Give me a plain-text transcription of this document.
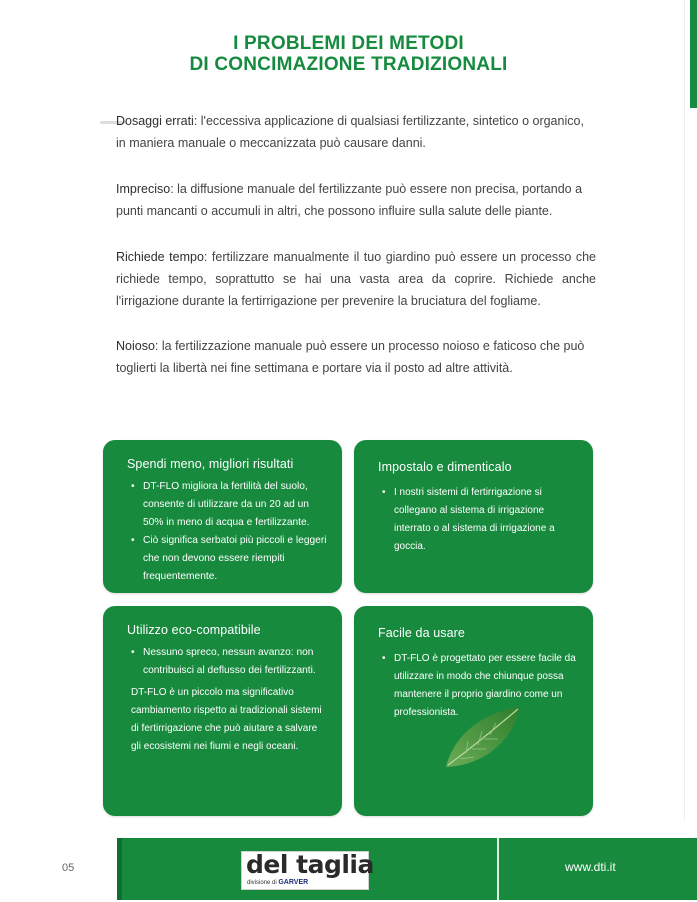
I PROBLEMI DEI METODI
DI CONCIMAZIONE TRADIZIONALI
Dosaggi errati: l'eccessiva applicazione di qualsiasi fertilizzante, sintetico o organico, in maniera manuale o meccanizzata può causare danni.
Impreciso: la diffusione manuale del fertilizzante può essere non precisa, portando a punti mancanti o accumuli in altri, che possono influire sulla salute delle piante.
Richiede tempo: fertilizzare manualmente il tuo giardino può essere un processo che richiede tempo, soprattutto se hai una vasta area da coprire. Richiede anche l'irrigazione durante la fertirrigazione per prevenire la bruciatura del fogliame.
Noioso: la fertilizzazione manuale può essere un processo noioso e faticoso che può toglierti la libertà nei fine settimana e portare via il posto ad altre attività.
Spendi meno, migliori risultati
• DT-FLO migliora la fertilità del suolo, consente di utilizzare da un 20 ad un 50% in meno di acqua e fertilizzante.
• Ciò significa serbatoi più piccoli e leggeri che non devono essere riempiti frequentemente.
Impostalo e dimenticalo
• I nostri sistemi di fertirrigazione si collegano al sistema di irrigazione interrato o al sistema di irrigazione a goccia.
Utilizzo eco-compatibile
• Nessuno spreco, nessun avanzo: non contribuisci al deflusso dei fertilizzanti.
DT-FLO è un piccolo ma significativo cambiamento rispetto ai tradizionali sistemi di fertirrigazione che può aiutare a salvare gli ecosistemi nei fiumi e negli oceani.
Facile da usare
• DT-FLO è progettato per essere facile da utilizzare in modo che chiunque possa mantenere il proprio giardino come un professionista.
05	del taglia
divisione di GARVER
www.dti.it
